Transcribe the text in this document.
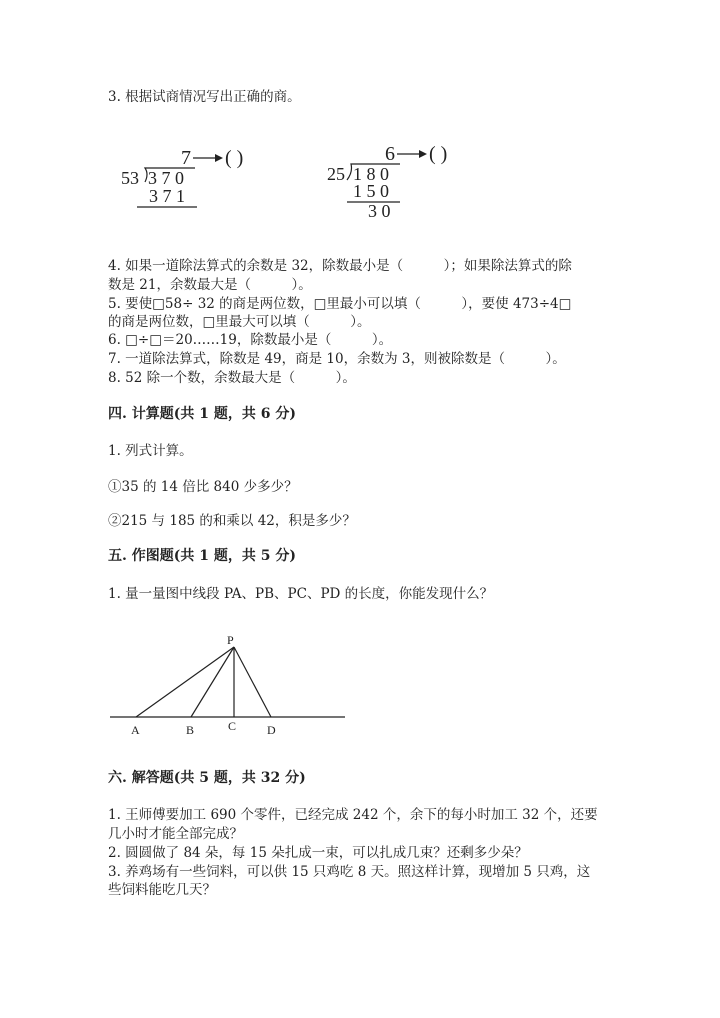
3. 根据试商情况写出正确的商。
7 ( )
53 3 7 0
3 7 1
6 ( )
25 1 8 0
1 5 0
3 0
4. 如果一道除法算式的余数是 32，除数最小是（　　　）；如果除法算式的除
数是 21，余数最大是（　　　）。
5. 要使□58÷ 32 的商是两位数，□里最小可以填（　　　），要使 473÷4□
的商是两位数，□里最大可以填（　　　）。
6. □÷□＝20……19，除数最小是（　　　）。
7. 一道除法算式，除数是 49，商是 10，余数为 3，则被除数是（　　　）。
8. 52 除一个数，余数最大是（　　　）。
四. 计算题(共 1 题，共 6 分)
1. 列式计算。
①35 的 14 倍比 840 少多少？
②215 与 185 的和乘以 42，积是多少？
五. 作图题(共 1 题，共 5 分)
1. 量一量图中线段 PA、PB、PC、PD 的长度，你能发现什么？
P
A	B	C	D
六. 解答题(共 5 题，共 32 分)
1. 王师傅要加工 690 个零件，已经完成 242 个，余下的每小时加工 32 个，还要
几小时才能全部完成？
2. 圆圆做了 84 朵，每 15 朵扎成一束，可以扎成几束？还剩多少朵？
3. 养鸡场有一些饲料，可以供 15 只鸡吃 8 天。照这样计算，现增加 5 只鸡，这
些饲料能吃几天？
